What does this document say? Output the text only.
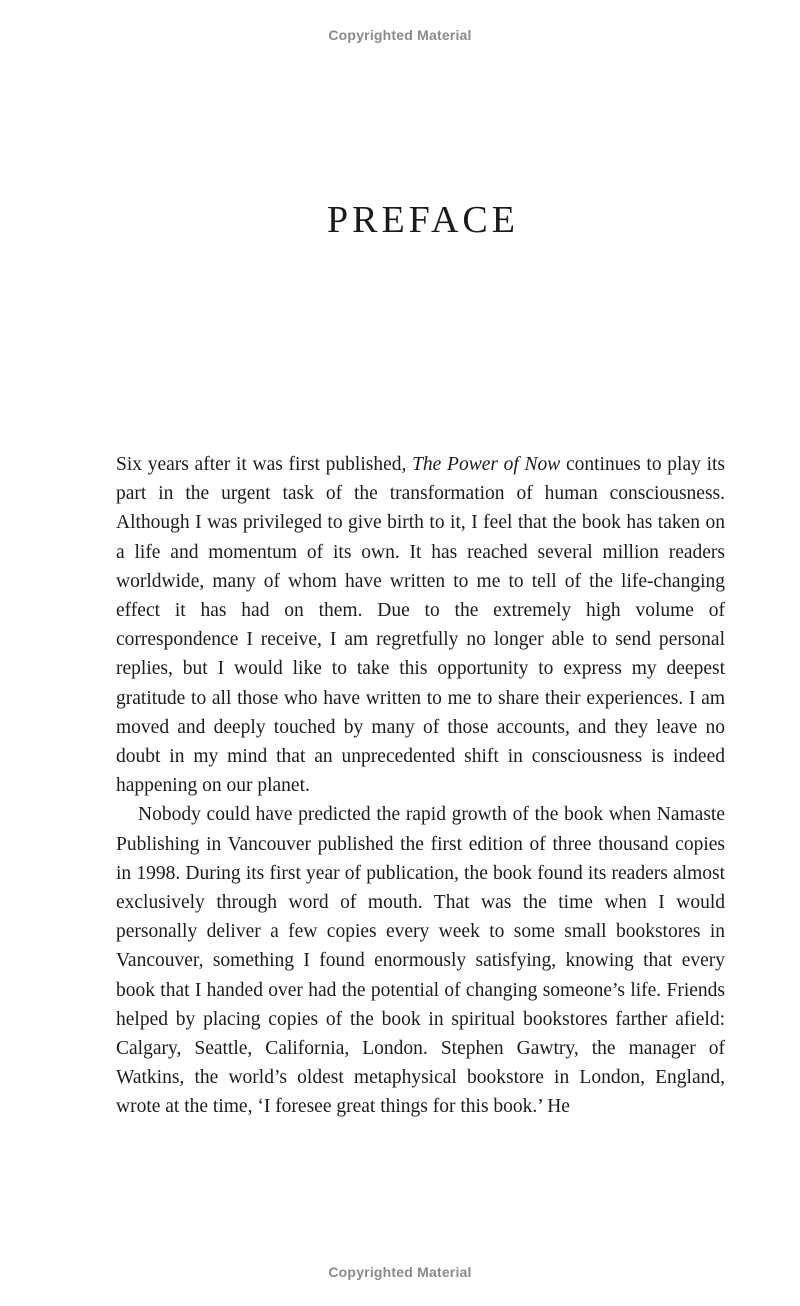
Copyrighted Material
PREFACE

Six years after it was first published, The Power of Now continues to play its part in the urgent task of the transformation of human consciousness. Although I was privileged to give birth to it, I feel that the book has taken on a life and momentum of its own. It has reached several million readers worldwide, many of whom have written to me to tell of the life-changing effect it has had on them. Due to the extremely high volume of correspondence I receive, I am regretfully no longer able to send personal replies, but I would like to take this opportunity to express my deepest gratitude to all those who have written to me to share their experiences. I am moved and deeply touched by many of those accounts, and they leave no doubt in my mind that an unprecedented shift in consciousness is indeed happening on our planet.

Nobody could have predicted the rapid growth of the book when Namaste Publishing in Vancouver published the first edition of three thousand copies in 1998. During its first year of publication, the book found its readers almost exclusively through word of mouth. That was the time when I would personally deliver a few copies every week to some small bookstores in Vancouver, something I found enormously satisfying, knowing that every book that I handed over had the potential of changing someone’s life. Friends helped by placing copies of the book in spiritual bookstores farther afield: Calgary, Seattle, California, London. Stephen Gawtry, the manager of Watkins, the world’s oldest metaphysical bookstore in London, England, wrote at the time, ‘I foresee great things for this book.’ He

Copyrighted Material
